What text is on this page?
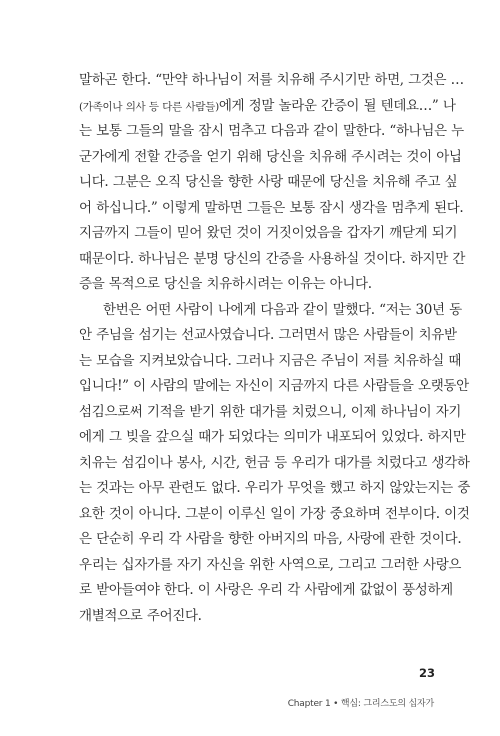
말하곤 한다. “만약 하나님이 저를 치유해 주시기만 하면, 그것은 …
(가족이나 의사 등 다른 사람들)에게 정말 놀라운 간증이 될 텐데요…” 나
는 보통 그들의 말을 잠시 멈추고 다음과 같이 말한다. “하나님은 누
군가에게 전할 간증을 얻기 위해 당신을 치유해 주시려는 것이 아닙
니다. 그분은 오직 당신을 향한 사랑 때문에 당신을 치유해 주고 싶
어 하십니다.” 이렇게 말하면 그들은 보통 잠시 생각을 멈추게 된다.
지금까지 그들이 믿어 왔던 것이 거짓이었음을 갑자기 깨닫게 되기
때문이다. 하나님은 분명 당신의 간증을 사용하실 것이다. 하지만 간
증을 목적으로 당신을 치유하시려는 이유는 아니다.
한번은 어떤 사람이 나에게 다음과 같이 말했다. “저는 30년 동
안 주님을 섬기는 선교사였습니다. 그러면서 많은 사람들이 치유받
는 모습을 지켜보았습니다. 그러나 지금은 주님이 저를 치유하실 때
입니다!” 이 사람의 말에는 자신이 지금까지 다른 사람들을 오랫동안
섬김으로써 기적을 받기 위한 대가를 치렀으니, 이제 하나님이 자기
에게 그 빚을 갚으실 때가 되었다는 의미가 내포되어 있었다. 하지만
치유는 섬김이나 봉사, 시간, 헌금 등 우리가 대가를 치렀다고 생각하
는 것과는 아무 관련도 없다. 우리가 무엇을 했고 하지 않았는지는 중
요한 것이 아니다. 그분이 이루신 일이 가장 중요하며 전부이다. 이것
은 단순히 우리 각 사람을 향한 아버지의 마음, 사랑에 관한 것이다.
우리는 십자가를 자기 자신을 위한 사역으로, 그리고 그러한 사랑으
로 받아들여야 한다. 이 사랑은 우리 각 사람에게 값없이 풍성하게
개별적으로 주어진다.
23
Chapter 1 • 핵심: 그리스도의 십자가
